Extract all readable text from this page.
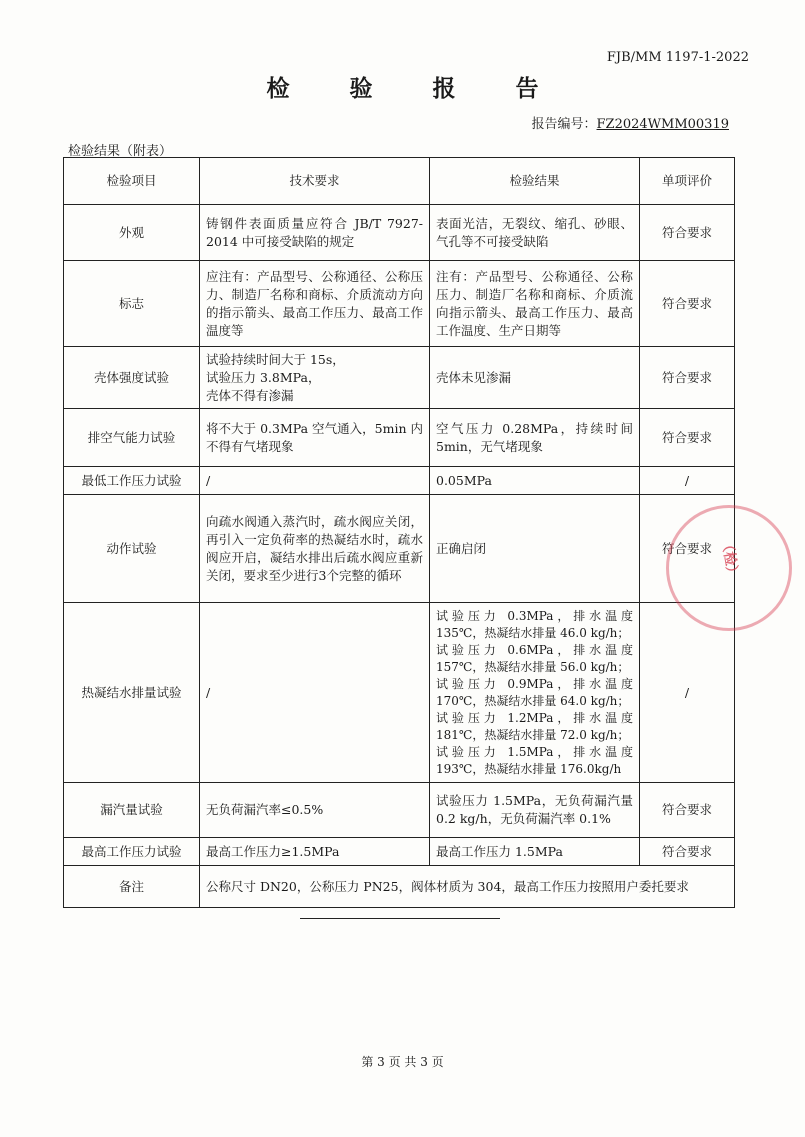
FJB/MM 1197-1-2022
检 验 报 告
报告编号：FZ2024WMM00319
检验结果（附表）
检验项目	技术要求	检验结果	单项评价
外观	铸钢件表面质量应符合 JB/T 7927-2014 中可接受缺陷的规定	表面光洁，无裂纹、缩孔、砂眼、气孔等不可接受缺陷	符合要求
标志	应注有：产品型号、公称通径、公称压力、制造厂名称和商标、介质流动方向的指示箭头、最高工作压力、最高工作温度等	注有：产品型号、公称通径、公称压力、制造厂名称和商标、介质流向指示箭头、最高工作压力、最高工作温度、生产日期等	符合要求
壳体强度试验	试验持续时间大于 15s，
试验压力 3.8MPa，
壳体不得有渗漏	壳体未见渗漏	符合要求
排空气能力试验	将不大于 0.3MPa 空气通入，5min 内不得有气堵现象	空气压力 0.28MPa，持续时间 5min，无气堵现象	符合要求
最低工作压力试验	/	0.05MPa	/
动作试验	向疏水阀通入蒸汽时，疏水阀应关闭，再引入一定负荷率的热凝结水时，疏水阀应开启，凝结水排出后疏水阀应重新关闭，要求至少进行3个完整的循环	正确启闭	符合要求
热凝结水排量试验	/	试验压力 0.3MPa，排水温度 135℃，热凝结水排量 46.0 kg/h；
试验压力 0.6MPa，排水温度 157℃，热凝结水排量 56.0 kg/h；
试验压力 0.9MPa，排水温度 170℃，热凝结水排量 64.0 kg/h；
试验压力 1.2MPa，排水温度 181℃，热凝结水排量 72.0 kg/h；
试验压力 1.5MPa，排水温度 193℃，热凝结水排量 176.0kg/h	/
漏汽量试验	无负荷漏汽率≤0.5%	试验压力 1.5MPa，无负荷漏汽量 0.2 kg/h，无负荷漏汽率 0.1%	符合要求
最高工作压力试验	最高工作压力≥1.5MPa	最高工作压力 1.5MPa	符合要求
备注	公称尺寸 DN20，公称压力 PN25，阀体材质为 304，最高工作压力按照用户委托要求		
第 3 页 共 3 页
（检）
